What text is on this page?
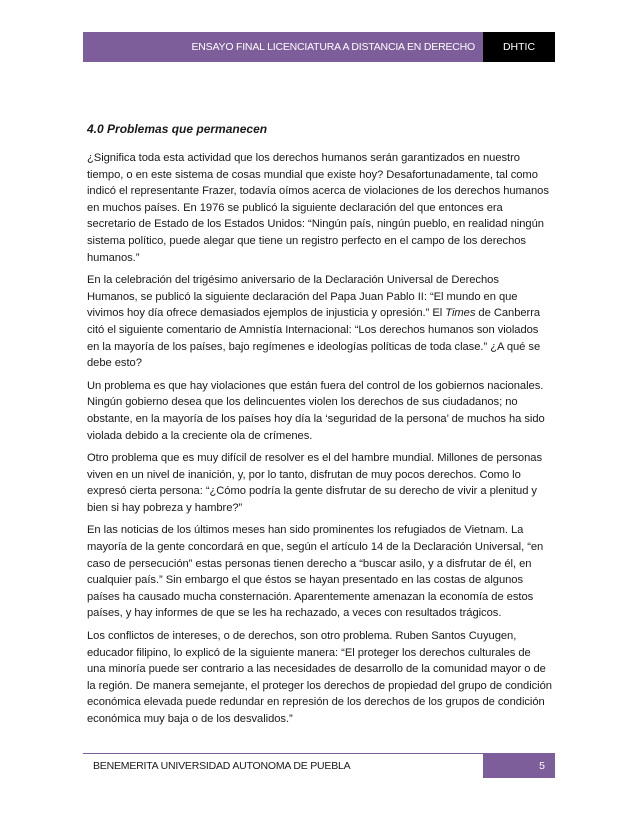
ENSAYO FINAL LICENCIATURA A DISTANCIA EN DERECHO	DHTIC
4.0 Problemas que permanecen

¿Significa toda esta actividad que los derechos humanos serán garantizados en nuestro tiempo, o en este sistema de cosas mundial que existe hoy? Desafortunadamente, tal como indicó el representante Frazer, todavía oímos acerca de violaciones de los derechos humanos en muchos países. En 1976 se publicó la siguiente declaración del que entonces era secretario de Estado de los Estados Unidos: “Ningún país, ningún pueblo, en realidad ningún sistema político, puede alegar que tiene un registro perfecto en el campo de los derechos humanos.”

En la celebración del trigésimo aniversario de la Declaración Universal de Derechos Humanos, se publicó la siguiente declaración del Papa Juan Pablo II: “El mundo en que vivimos hoy día ofrece demasiados ejemplos de injusticia y opresión.” El Times de Canberra citó el siguiente comentario de Amnistía Internacional: “Los derechos humanos son violados en la mayoría de los países, bajo regímenes e ideologías políticas de toda clase.” ¿A qué se debe esto?

Un problema es que hay violaciones que están fuera del control de los gobiernos nacionales. Ningún gobierno desea que los delincuentes violen los derechos de sus ciudadanos; no obstante, en la mayoría de los países hoy día la ‘seguridad de la persona’ de muchos ha sido violada debido a la creciente ola de crímenes.

Otro problema que es muy difícil de resolver es el del hambre mundial. Millones de personas viven en un nivel de inanición, y, por lo tanto, disfrutan de muy pocos derechos. Como lo expresó cierta persona: “¿Cómo podría la gente disfrutar de su derecho de vivir a plenitud y bien si hay pobreza y hambre?”

En las noticias de los últimos meses han sido prominentes los refugiados de Vietnam. La mayoría de la gente concordará en que, según el artículo 14 de la Declaración Universal, “en caso de persecución” estas personas tienen derecho a “buscar asilo, y a disfrutar de él, en cualquier país.” Sin embargo el que éstos se hayan presentado en las costas de algunos países ha causado mucha consternación. Aparentemente amenazan la economía de estos países, y hay informes de que se les ha rechazado, a veces con resultados trágicos.

Los conflictos de intereses, o de derechos, son otro problema. Ruben Santos Cuyugen, educador filipino, lo explicó de la siguiente manera: “El proteger los derechos culturales de una minoría puede ser contrario a las necesidades de desarrollo de la comunidad mayor o de la región. De manera semejante, el proteger los derechos de propiedad del grupo de condición económica elevada puede redundar en represión de los derechos de los grupos de condición económica muy baja o de los desvalidos.”

BENEMERITA UNIVERSIDAD AUTONOMA DE PUEBLA	5
